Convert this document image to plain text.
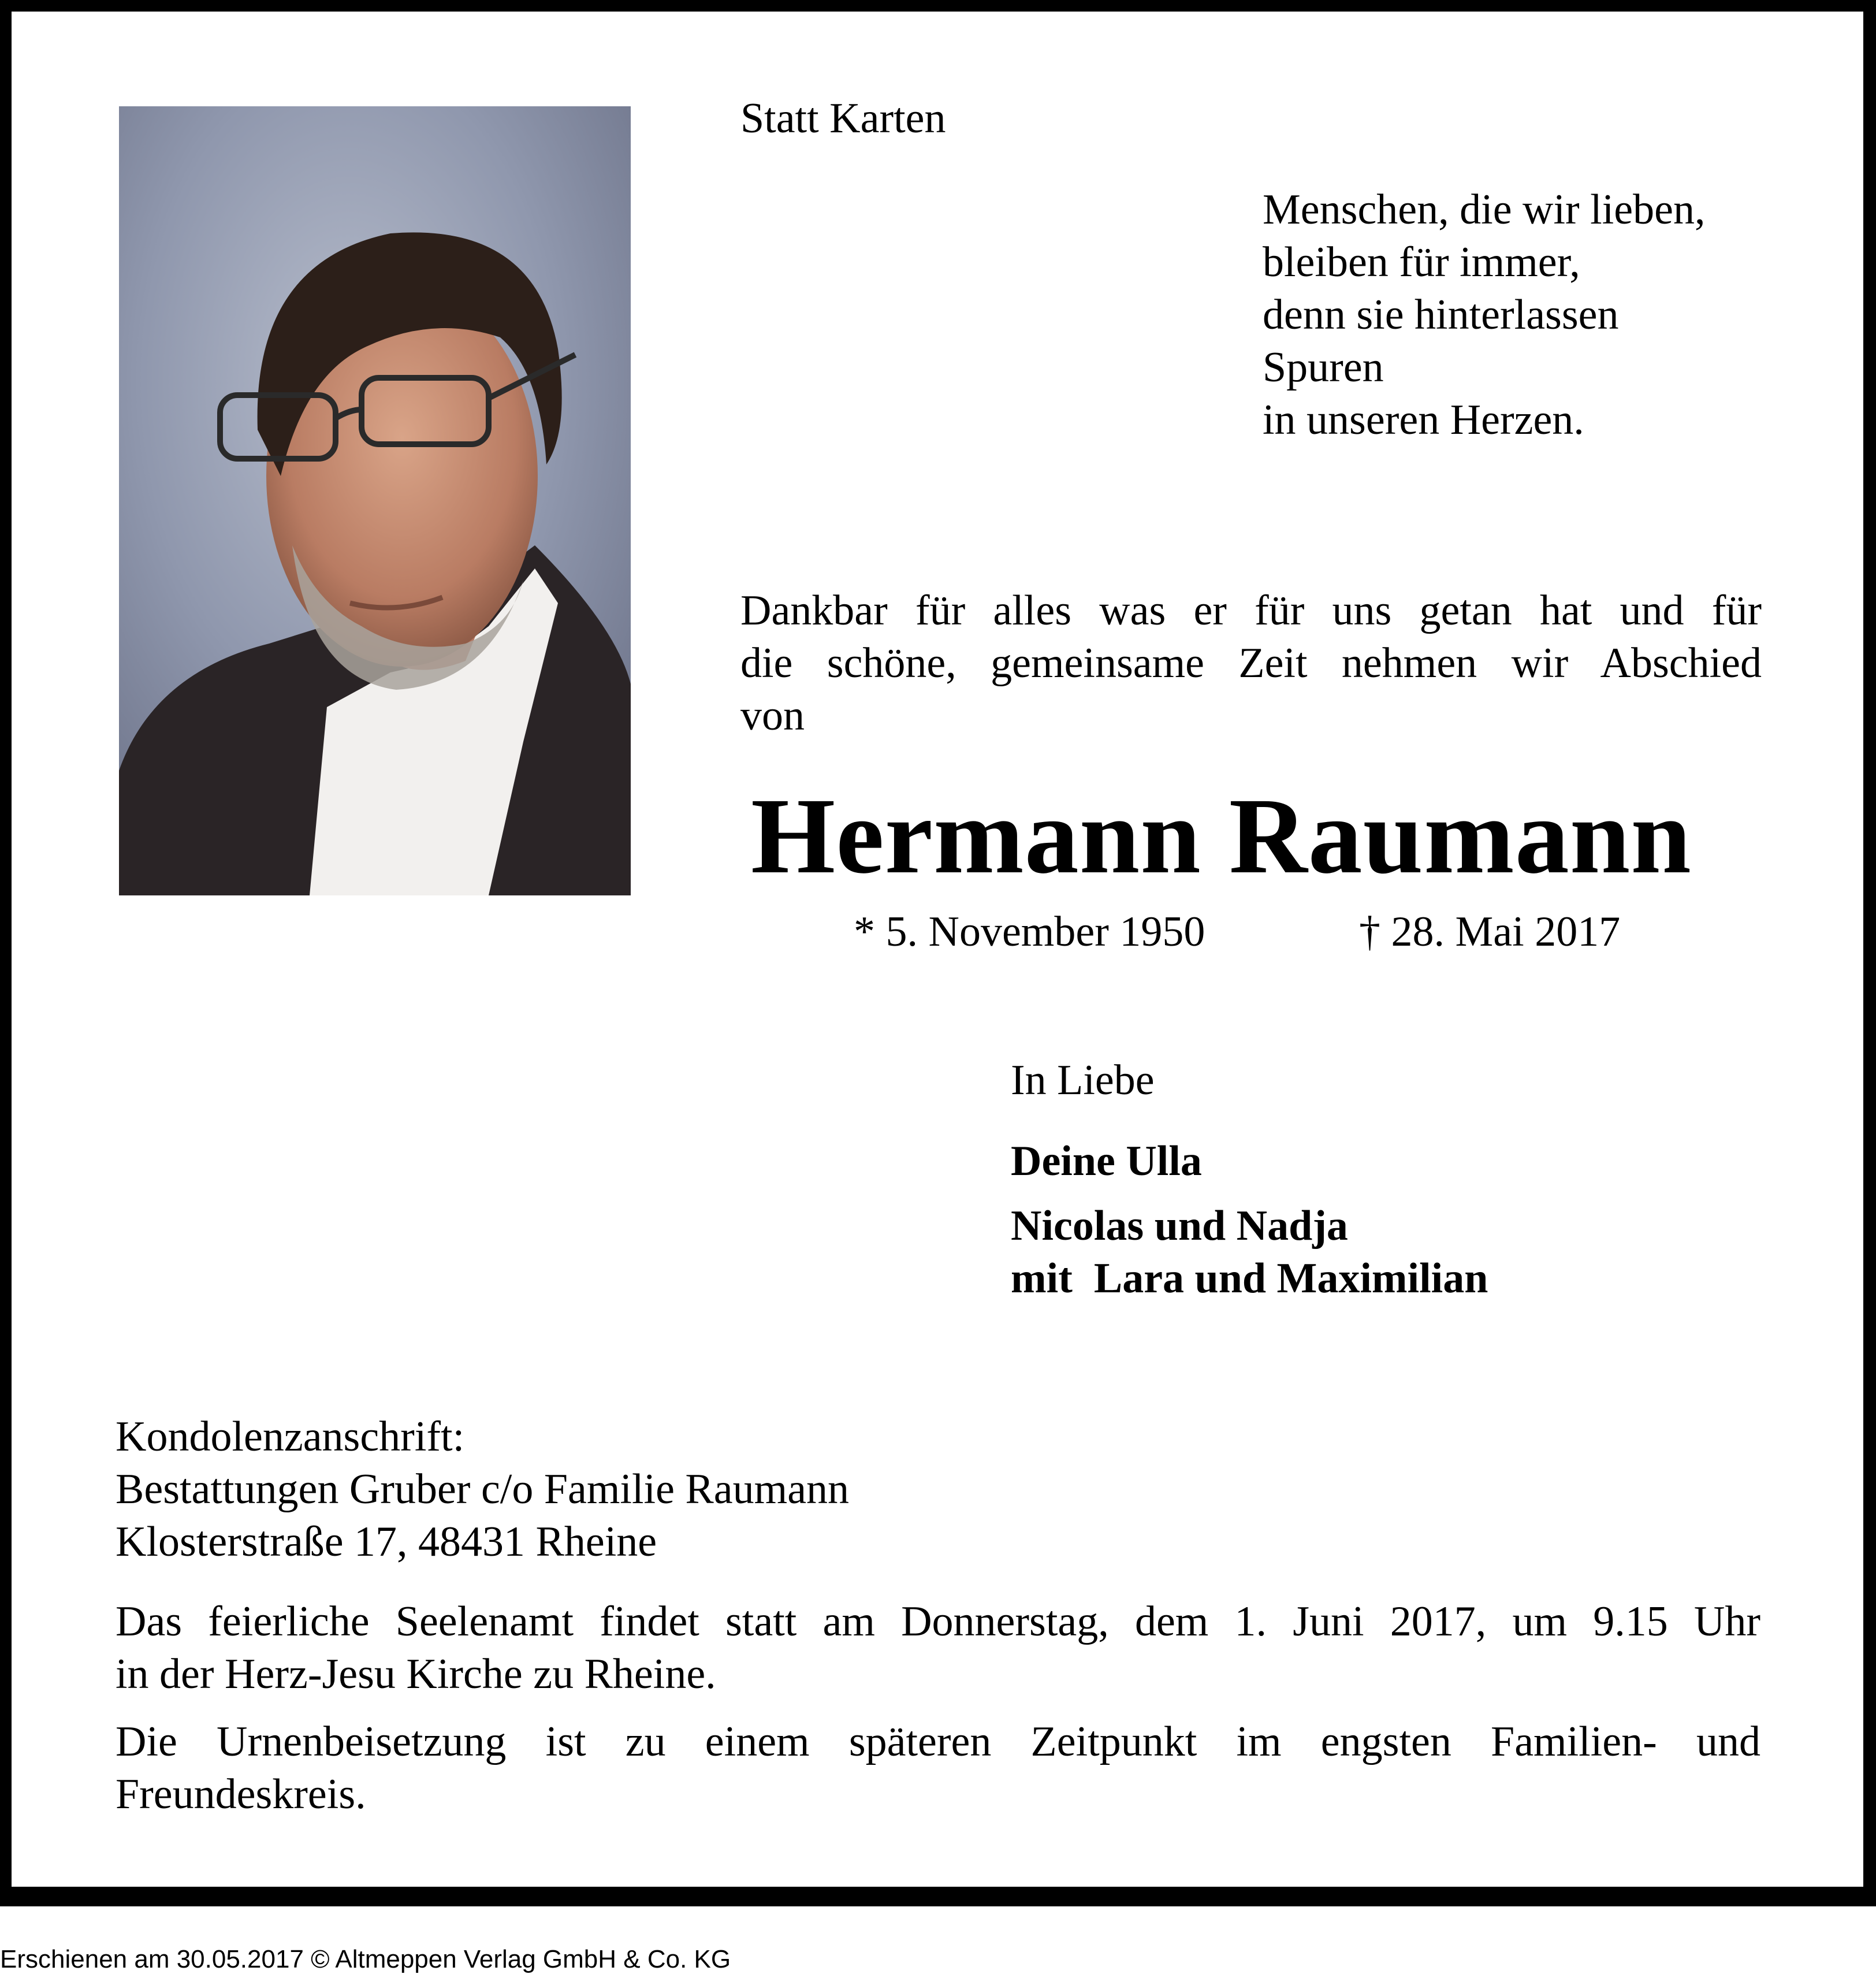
Statt Karten
Menschen, die wir lieben,
bleiben für immer,
denn sie hinterlassen
Spuren
in unseren Herzen.
Dankbar für alles was er für uns getan hat und für
die schöne, gemeinsame Zeit nehmen wir Abschied
von
Hermann Raumann
* 5. November 1950	† 28. Mai 2017
In Liebe
Deine Ulla
Nicolas und Nadja
mit  Lara und Maximilian
Kondolenzanschrift:
Bestattungen Gruber c/o Familie Raumann
Klosterstraße 17, 48431 Rheine
Das feierliche Seelenamt findet statt am Donnerstag, dem 1. Juni 2017, um 9.15 Uhr
in der Herz-Jesu Kirche zu Rheine.
Die Urnenbeisetzung ist zu einem späteren Zeitpunkt im engsten Familien- und
Freundeskreis.
Erschienen am 30.05.2017 © Altmeppen Verlag GmbH & Co. KG
